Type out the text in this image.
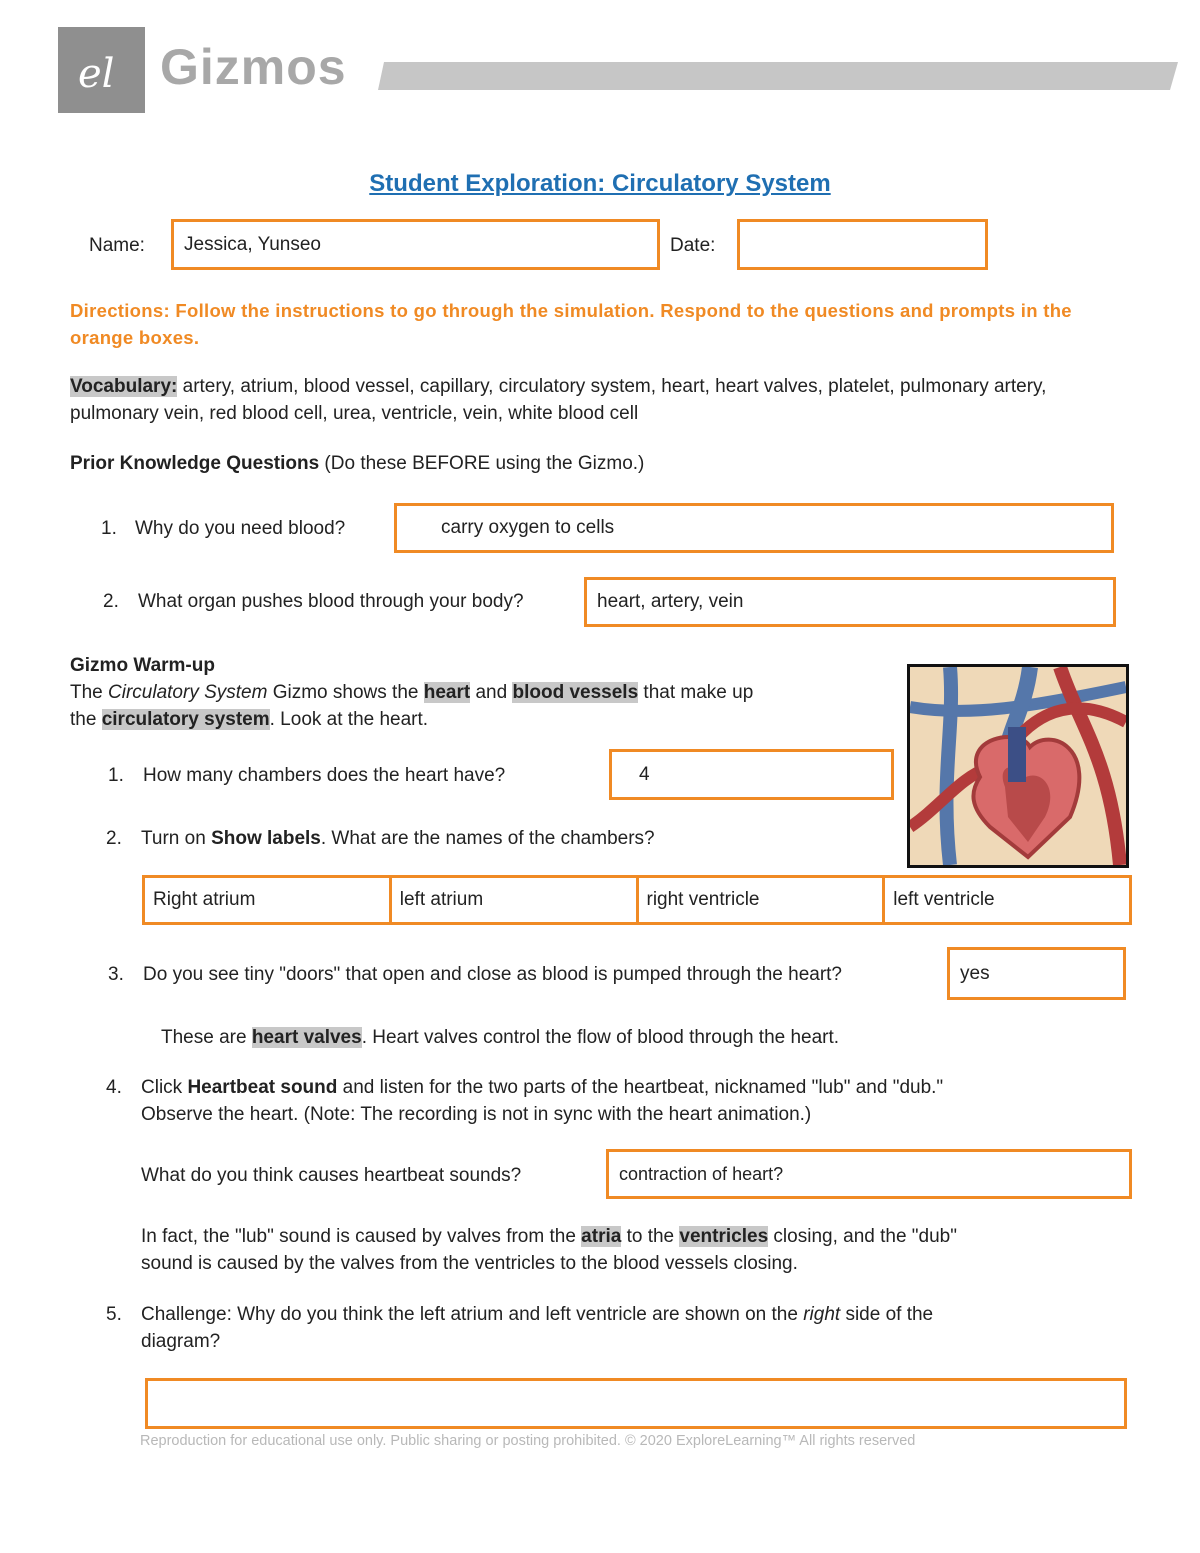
el Gizmos
Student Exploration: Circulatory System
Name: Jessica, Yunseo	Date:
Directions: Follow the instructions to go through the simulation. Respond to the questions and prompts in the orange boxes.
Vocabulary: artery, atrium, blood vessel, capillary, circulatory system, heart, heart valves, platelet, pulmonary artery, pulmonary vein, red blood cell, urea, ventricle, vein, white blood cell
Prior Knowledge Questions (Do these BEFORE using the Gizmo.)
1. Why do you need blood?	carry oxygen to cells
2. What organ pushes blood through your body?	heart, artery, vein
Gizmo Warm-up
The Circulatory System Gizmo shows the heart and blood vessels that make up
the circulatory system. Look at the heart.
1. How many chambers does the heart have?	4
2. Turn on Show labels. What are the names of the chambers?
Right atrium	left atrium	right ventricle	left ventricle
3. Do you see tiny "doors" that open and close as blood is pumped through the heart?	yes
These are heart valves. Heart valves control the flow of blood through the heart.
4. Click Heartbeat sound and listen for the two parts of the heartbeat, nicknamed "lub" and "dub."
Observe the heart. (Note: The recording is not in sync with the heart animation.)
What do you think causes heartbeat sounds?	contraction of heart?
In fact, the "lub" sound is caused by valves from the atria to the ventricles closing, and the "dub"
sound is caused by the valves from the ventricles to the blood vessels closing.
5. Challenge: Why do you think the left atrium and left ventricle are shown on the right side of the
diagram?
Reproduction for educational use only. Public sharing or posting prohibited. © 2020 ExploreLearning™ All rights reserved
